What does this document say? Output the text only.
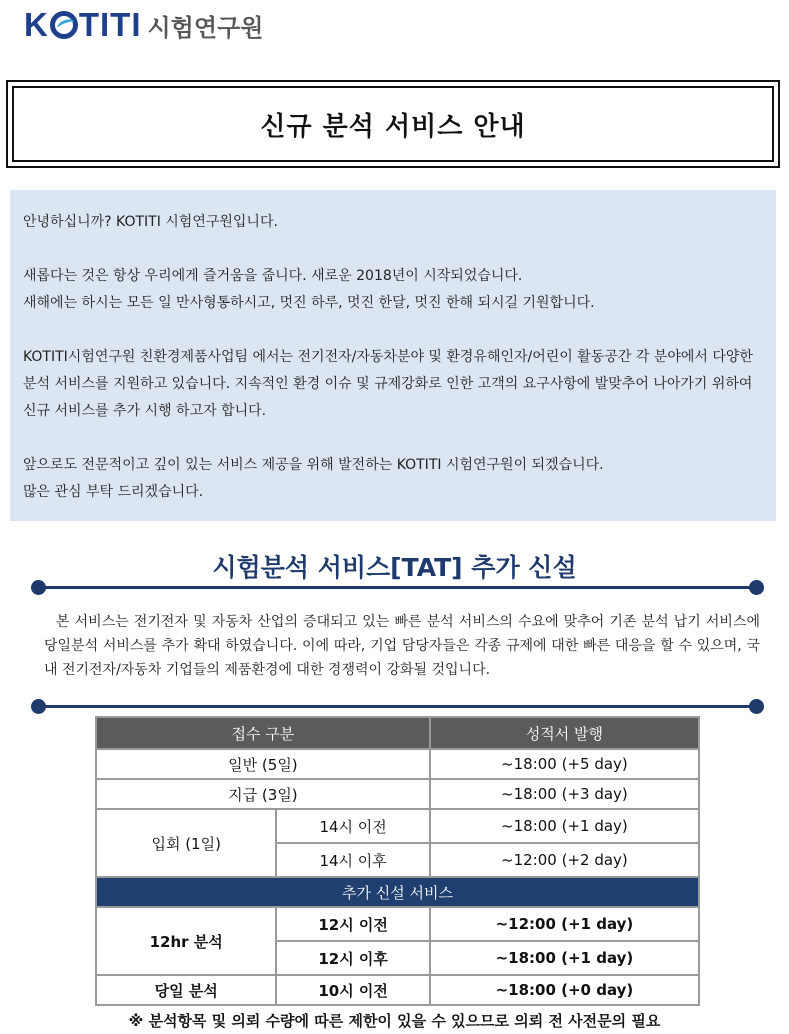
K TITI 시험연구원
신규 분석 서비스 안내

안녕하십니까? KOTITI 시험연구원입니다.

새롭다는 것은 항상 우리에게 즐거움을 줍니다. 새로운 2018년이 시작되었습니다.
새해에는 하시는 모든 일 만사형통하시고, 멋진 하루, 멋진 한달, 멋진 한해 되시길 기원합니다.

KOTITI시험연구원 친환경제품사업팀 에서는 전기전자/자동차분야 및 환경유해인자/어린이 활동공간 각 분야에서 다양한 분석 서비스를 지원하고 있습니다. 지속적인 환경 이슈 및 규제강화로 인한 고객의 요구사항에 발맞추어 나아가기 위하여 신규 서비스를 추가 시행 하고자 합니다.

앞으로도 전문적이고 깊이 있는 서비스 제공을 위해 발전하는 KOTITI 시험연구원이 되겠습니다.
많은 관심 부탁 드리겠습니다.

시험분석 서비스[TAT] 추가 신설

본 서비스는 전기전자 및 자동차 산업의 증대되고 있는 빠른 분석 서비스의 수요에 맞추어 기존 분석 납기 서비스에 당일분석 서비스를 추가 확대 하였습니다. 이에 따라, 기업 담당자들은 각종 규제에 대한 빠른 대응을 할 수 있으며, 국내 전기전자/자동차 기업들의 제품환경에 대한 경쟁력이 강화될 것입니다.

접수 구분		성적서 발행
일반 (5일)		~18:00 (+5 day)
지급 (3일)		~18:00 (+3 day)
입회 (1일)	14시 이전	~18:00 (+1 day)
	14시 이후	~12:00 (+2 day)
추가 신설 서비스		
12hr 분석	12시 이전	~12:00 (+1 day)
	12시 이후	~18:00 (+1 day)
당일 분석	10시 이전	~18:00 (+0 day)

※ 분석항목 및 의뢰 수량에 따른 제한이 있을 수 있으므로 의뢰 전 사전문의 필요
